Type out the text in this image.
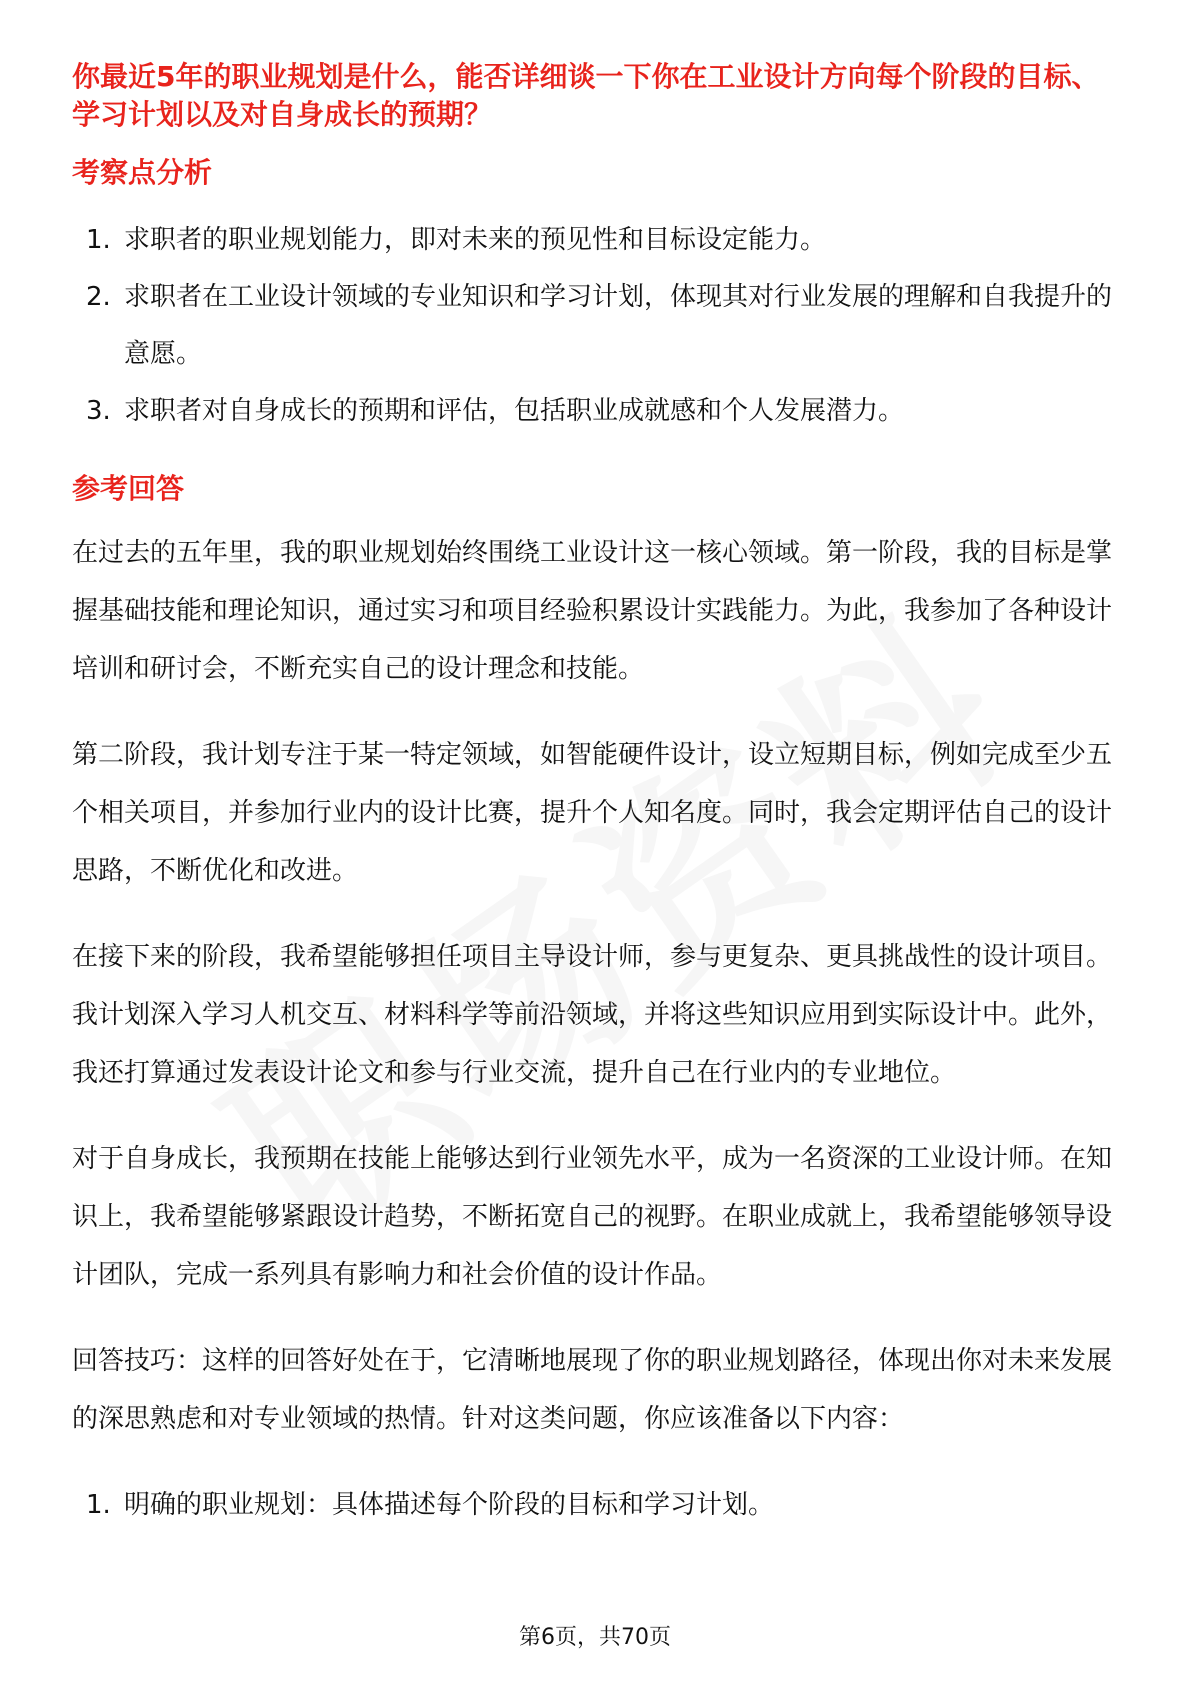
你最近5年的职业规划是什么，能否详细谈一下你在工业设计方向每个阶段的目标、学习计划以及对自身成长的预期？
考察点分析
1. 求职者的职业规划能力，即对未来的预见性和目标设定能力。
2. 求职者在工业设计领域的专业知识和学习计划，体现其对行业发展的理解和自我提升的意愿。
3. 求职者对自身成长的预期和评估，包括职业成就感和个人发展潜力。
参考回答

在过去的五年里，我的职业规划始终围绕工业设计这一核心领域。第一阶段，我的目标是掌握基础技能和理论知识，通过实习和项目经验积累设计实践能力。为此，我参加了各种设计培训和研讨会，不断充实自己的设计理念和技能。

第二阶段，我计划专注于某一特定领域，如智能硬件设计，设立短期目标，例如完成至少五个相关项目，并参加行业内的设计比赛，提升个人知名度。同时，我会定期评估自己的设计思路，不断优化和改进。

在接下来的阶段，我希望能够担任项目主导设计师，参与更复杂、更具挑战性的设计项目。我计划深入学习人机交互、材料科学等前沿领域，并将这些知识应用到实际设计中。此外，我还打算通过发表设计论文和参与行业交流，提升自己在行业内的专业地位。

对于自身成长，我预期在技能上能够达到行业领先水平，成为一名资深的工业设计师。在知识上，我希望能够紧跟设计趋势，不断拓宽自己的视野。在职业成就上，我希望能够领导设计团队，完成一系列具有影响力和社会价值的设计作品。

回答技巧：这样的回答好处在于，它清晰地展现了你的职业规划路径，体现出你对未来发展的深思熟虑和对专业领域的热情。针对这类问题，你应该准备以下内容：

1. 明确的职业规划：具体描述每个阶段的目标和学习计划。
第6页，共70页
